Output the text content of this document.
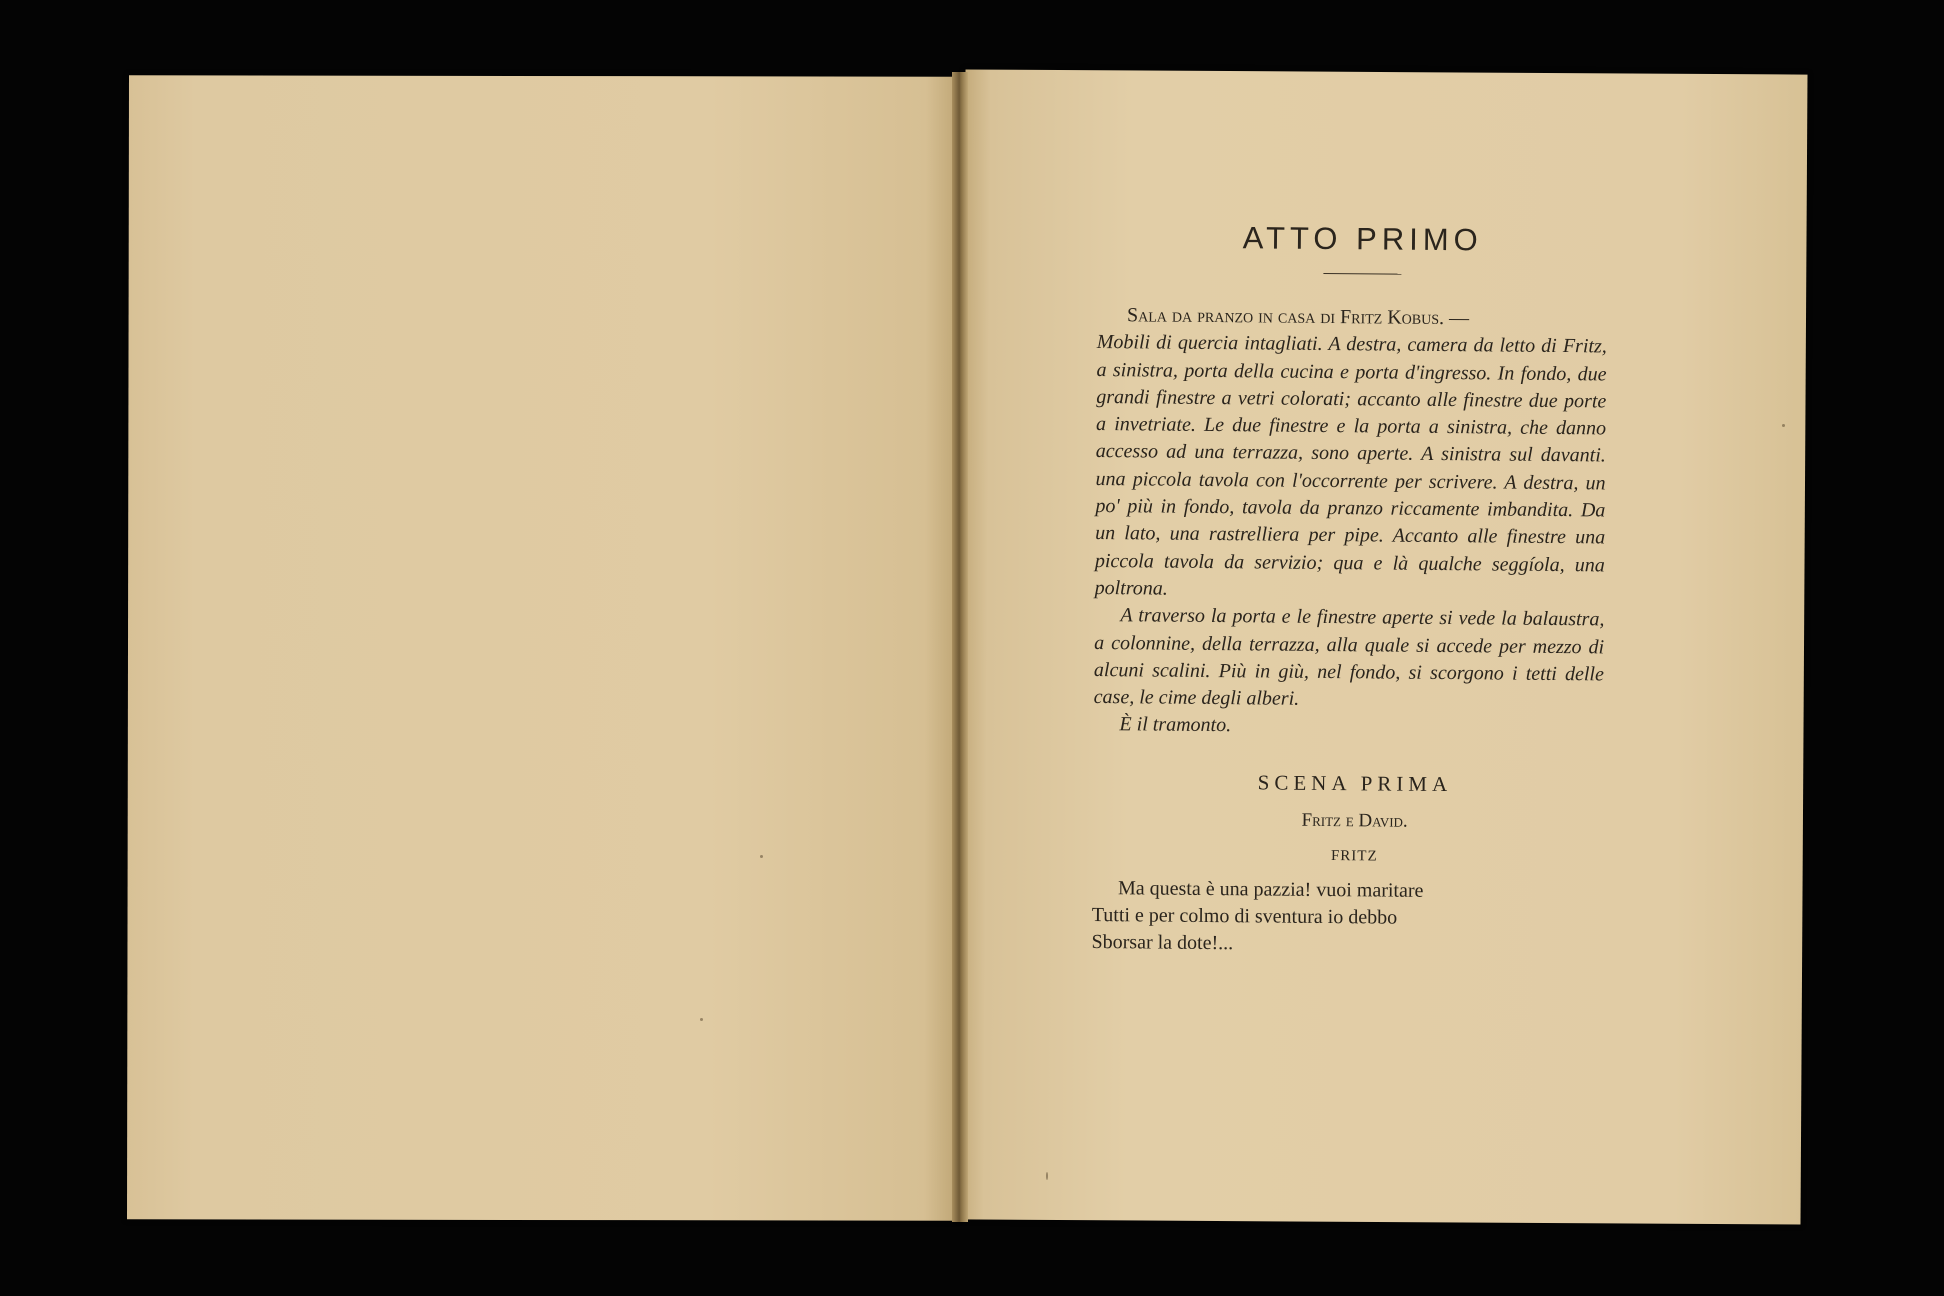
ATTO PRIMO
Sala da pranzo in casa di Fritz Kobus. —

Mobili di quercia intagliati. A destra, camera da letto di Fritz, a sinistra, porta della cucina e porta d'ingresso. In fondo, due grandi finestre a vetri colorati; accanto alle finestre due porte a invetriate. Le due finestre e la porta a sinistra, che danno accesso ad una terrazza, sono aperte. A sinistra sul davanti. una piccola tavola con l'occorrente per scrivere. A destra, un po' più in fondo, tavola da pranzo riccamente imbandita. Da un lato, una rastrelliera per pipe. Accanto alle finestre una piccola tavola da servizio; qua e là qualche seggíola, una poltrona.

A traverso la porta e le finestre aperte si vede la balaustra, a colonnine, della terrazza, alla quale si accede per mezzo di alcuni scalini. Più in giù, nel fondo, si scorgono i tetti delle case, le cime degli alberi.

È il tramonto.

SCENA PRIMA
Fritz e David.
FRITZ
Ma questa è una pazzia! vuoi maritare
Tutti e per colmo di sventura io debbo
Sborsar la dote!...
